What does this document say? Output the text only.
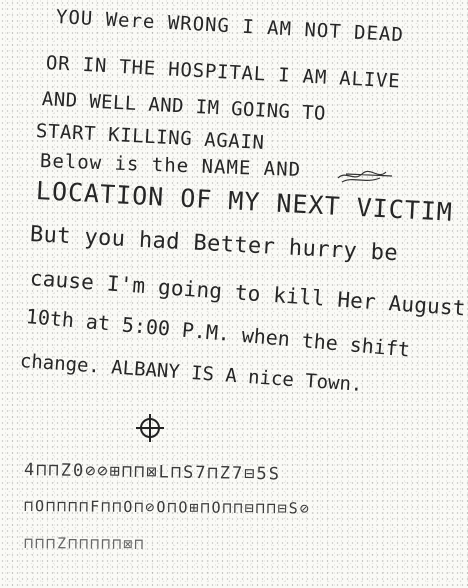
YOU Were WRONG I AM NOT DEAD

OR IN THE HOSPITAL I AM ALIVE

AND WELL AND IM GOING TO

START KILLING AGAIN

Below is the NAME AND

LOCATION OF MY NEXT VICTIM

But you had Better hurry be

cause I'm going to kill Her August

10th at 5:00 P.M. when the shift

change. ALBANY IS A nice Town.

4⊓⊓Z0⊘⊘⊞⊓⊓⊠L⊓S7⊓Z7⊟5S

⊓O⊓⊓⊓⊓F⊓⊓O⊓⊘O⊓O⊞⊓O⊓⊓⊟⊓⊓⊟S⊘

⊓⊓⊓Z⊓⊓⊓⊓⊓⊠⊓
